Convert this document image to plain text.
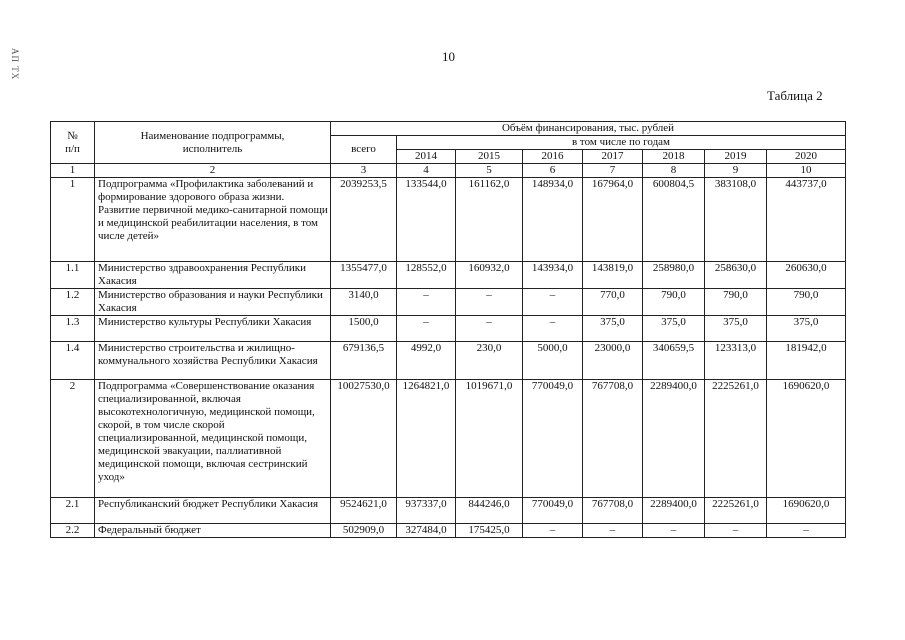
АП ТХ	10
Таблица 2
№
п/п	Наименование подпрограммы,
исполнитель	Объём финансирования, тыс. рублей							
		всего	в том числе по годам						
			2014	2015	2016	2017	2018	2019	2020
1	2	3	4	5	6	7	8	9	10
1	Подпрограмма «Профилактика заболеваний и формирование здорового образа жизни. Развитие первичной медико-санитарной помощи и медицинской реабилитации населения, в том числе детей»	2039253,5	133544,0	161162,0	148934,0	167964,0	600804,5	383108,0	443737,0
1.1	Министерство здравоохранения Республики Хакасия	1355477,0	128552,0	160932,0	143934,0	143819,0	258980,0	258630,0	260630,0
1.2	Министерство образования и науки Республики Хакасия	3140,0	–	–	–	770,0	790,0	790,0	790,0
1.3	Министерство культуры Республики Хакасия	1500,0	–	–	–	375,0	375,0	375,0	375,0
1.4	Министерство строительства и жилищно-коммунального хозяйства Республики Хакасия	679136,5	4992,0	230,0	5000,0	23000,0	340659,5	123313,0	181942,0
2	Подпрограмма «Совершенствование оказания специализированной, включая высокотехнологичную, медицинской помощи, скорой, в том числе скорой специализированной, медицинской помощи, медицинской эвакуации, паллиативной медицинской помощи, включая сестринский уход»	10027530,0	1264821,0	1019671,0	770049,0	767708,0	2289400,0	2225261,0	1690620,0
2.1	Республиканский бюджет Республики Хакасия	9524621,0	937337,0	844246,0	770049,0	767708,0	2289400,0	2225261,0	1690620,0
2.2	Федеральный бюджет	502909,0	327484,0	175425,0	–	–	–	–	–
